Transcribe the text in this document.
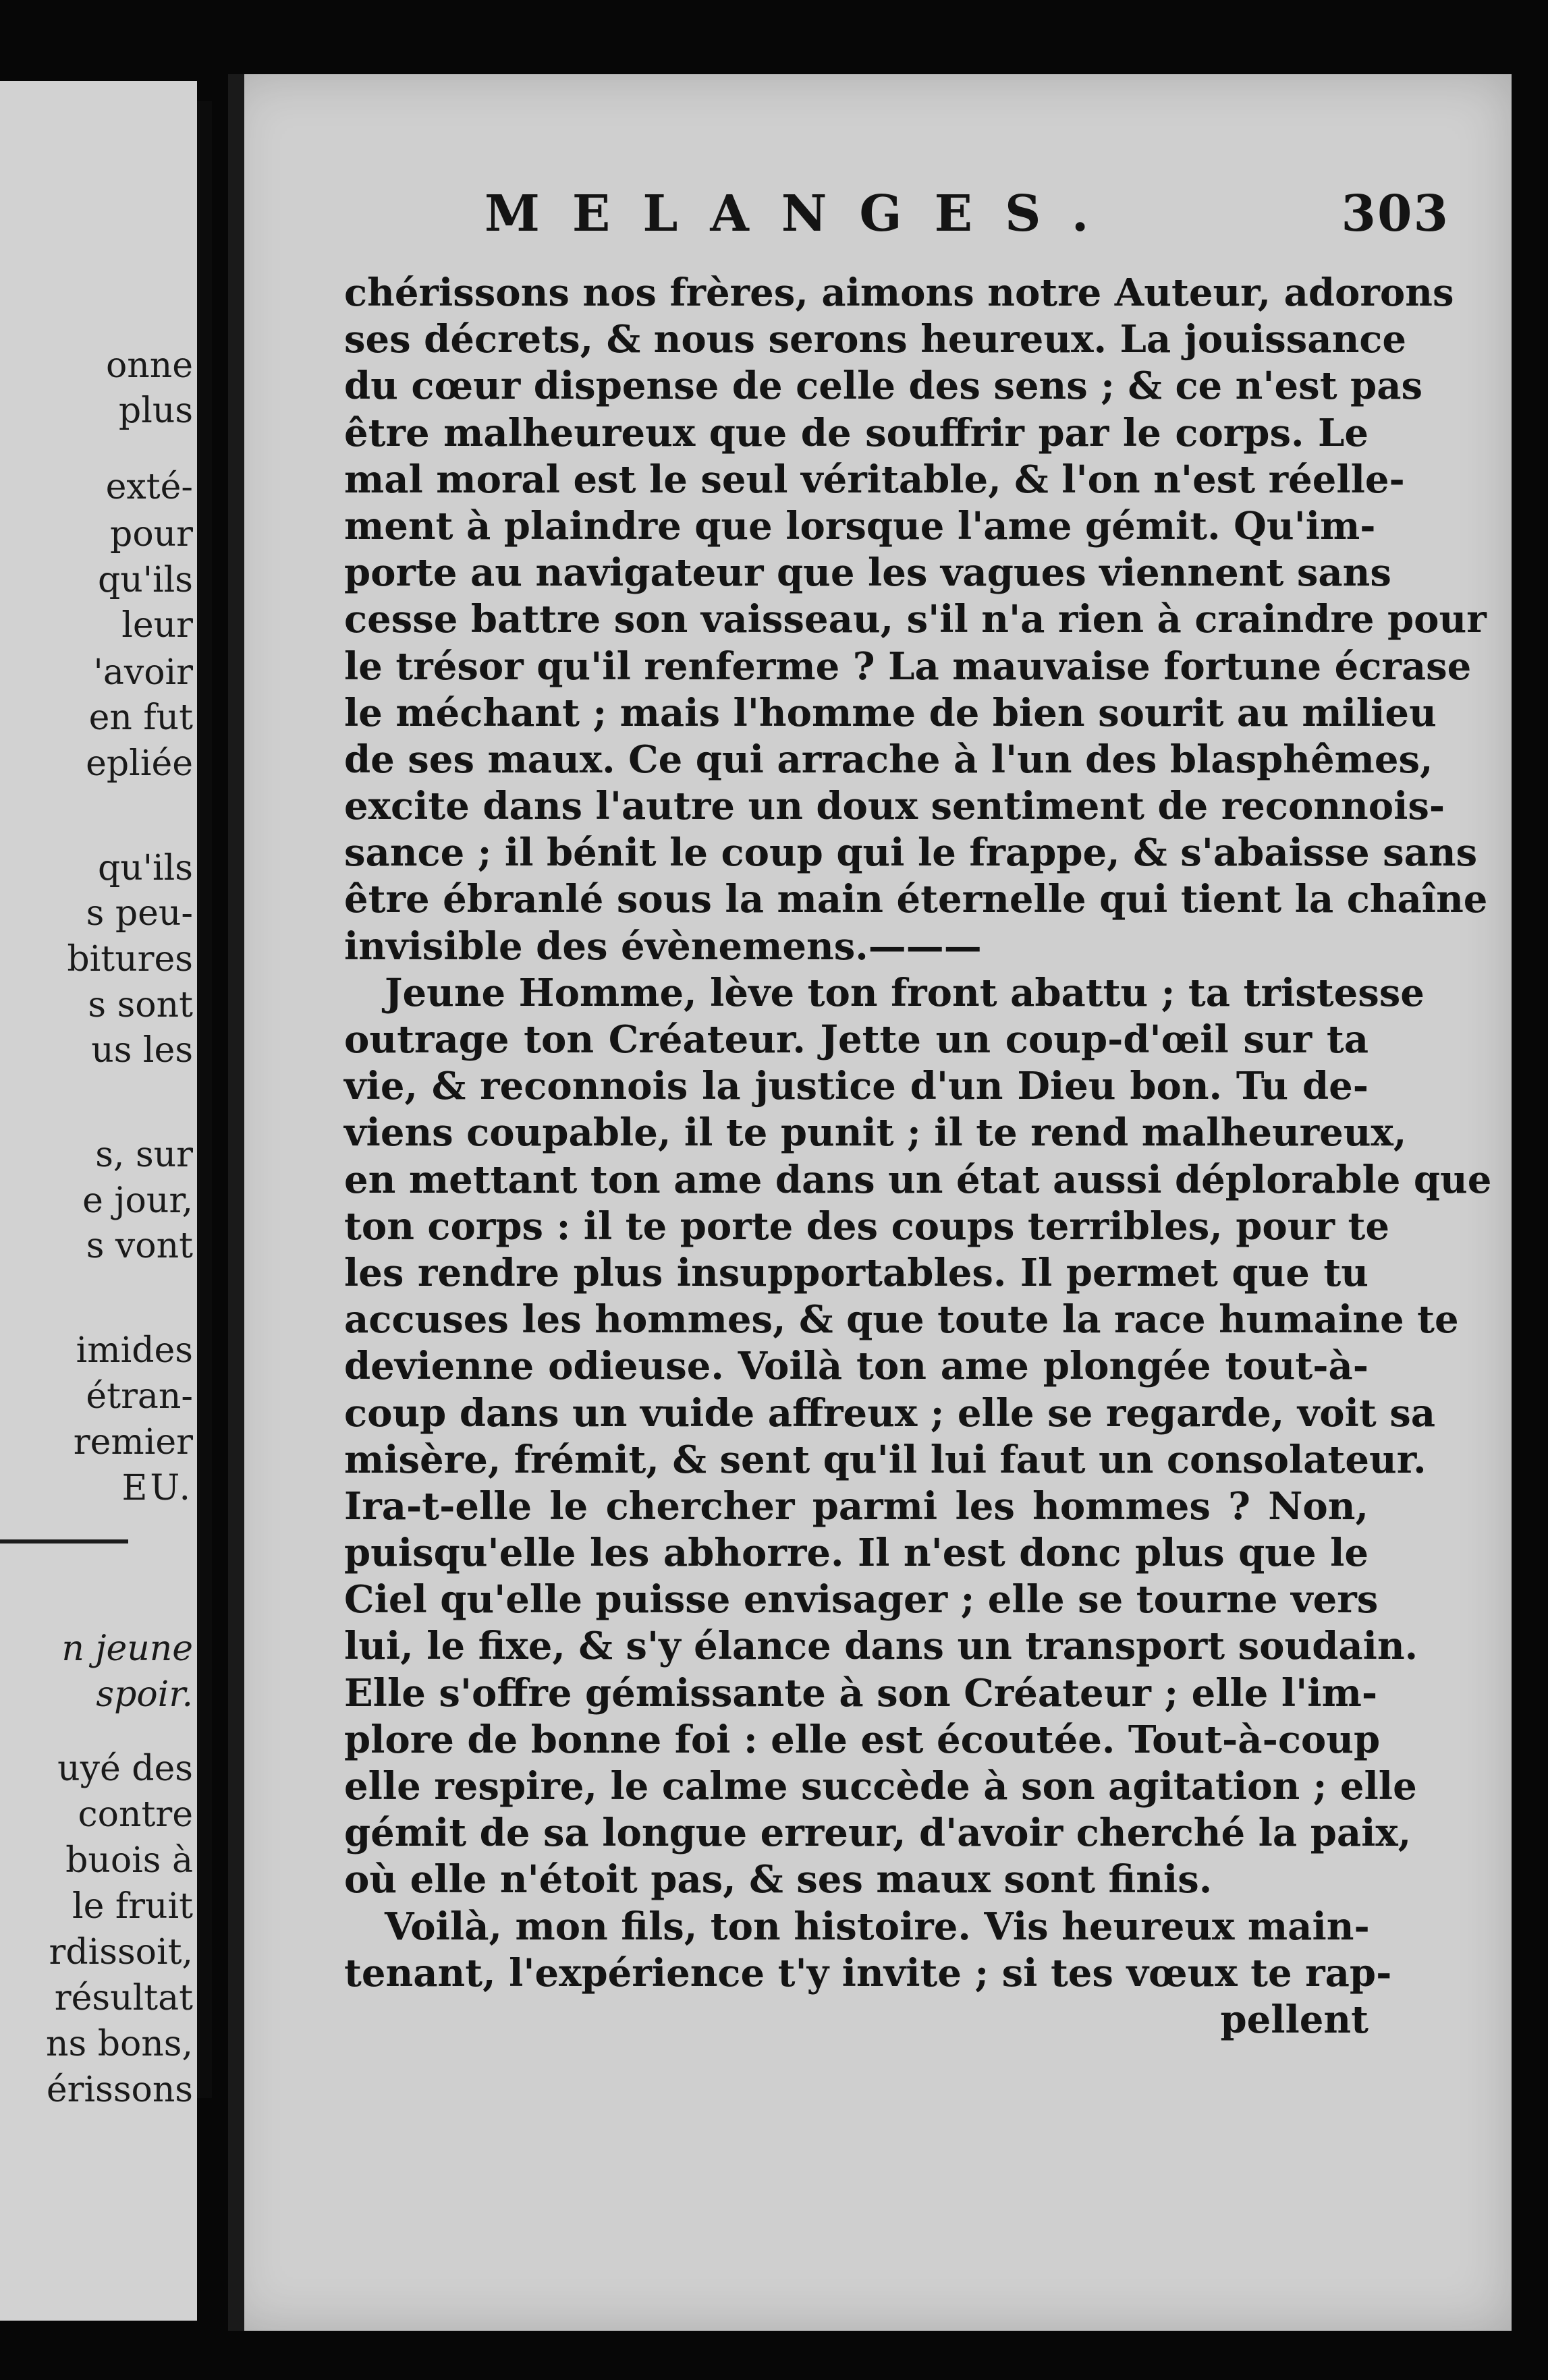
onne
plus
exté-
pour
qu'ils
leur
'avoir
en fut
epliée
qu'ils
s peu-
bitures
s sont
us les
s, sur
e jour,
s vont
imides
étran-
remier
EU.
n jeune
spoir.
uyé des
contre
buois à
le fruit
rdissoit,
résultat
ns bons,
érissons
MELANGES.	303
chérissons nos frères, aimons notre Auteur, adorons
ses décrets, & nous serons heureux. La jouissance
du cœur dispense de celle des sens ; & ce n'est pas
être malheureux que de souffrir par le corps. Le
mal moral est le seul véritable, & l'on n'est réelle-
ment à plaindre que lorsque l'ame gémit. Qu'im-
porte au navigateur que les vagues viennent sans
cesse battre son vaisseau, s'il n'a rien à craindre pour
le trésor qu'il renferme ? La mauvaise fortune écrase
le méchant ; mais l'homme de bien sourit au milieu
de ses maux. Ce qui arrache à l'un des blasphêmes,
excite dans l'autre un doux sentiment de reconnois-
sance ; il bénit le coup qui le frappe, & s'abaisse sans
être ébranlé sous la main éternelle qui tient la chaîne
invisible des évènemens.———
Jeune Homme, lève ton front abattu ; ta tristesse
outrage ton Créateur. Jette un coup-d'œil sur ta
vie, & reconnois la justice d'un Dieu bon. Tu de-
viens coupable, il te punit ; il te rend malheureux,
en mettant ton ame dans un état aussi déplorable que
ton corps : il te porte des coups terribles, pour te
les rendre plus insupportables. Il permet que tu
accuses les hommes, & que toute la race humaine te
devienne odieuse. Voilà ton ame plongée tout-à-
coup dans un vuide affreux ; elle se regarde, voit sa
misère, frémit, & sent qu'il lui faut un consolateur.
Ira-t-elle le chercher parmi les hommes ? Non,
puisqu'elle les abhorre. Il n'est donc plus que le
Ciel qu'elle puisse envisager ; elle se tourne vers
lui, le fixe, & s'y élance dans un transport soudain.
Elle s'offre gémissante à son Créateur ; elle l'im-
plore de bonne foi : elle est écoutée. Tout-à-coup
elle respire, le calme succède à son agitation ; elle
gémit de sa longue erreur, d'avoir cherché la paix,
où elle n'étoit pas, & ses maux sont finis.
Voilà, mon fils, ton histoire. Vis heureux main-
tenant, l'expérience t'y invite ; si tes vœux te rap-
pellent
